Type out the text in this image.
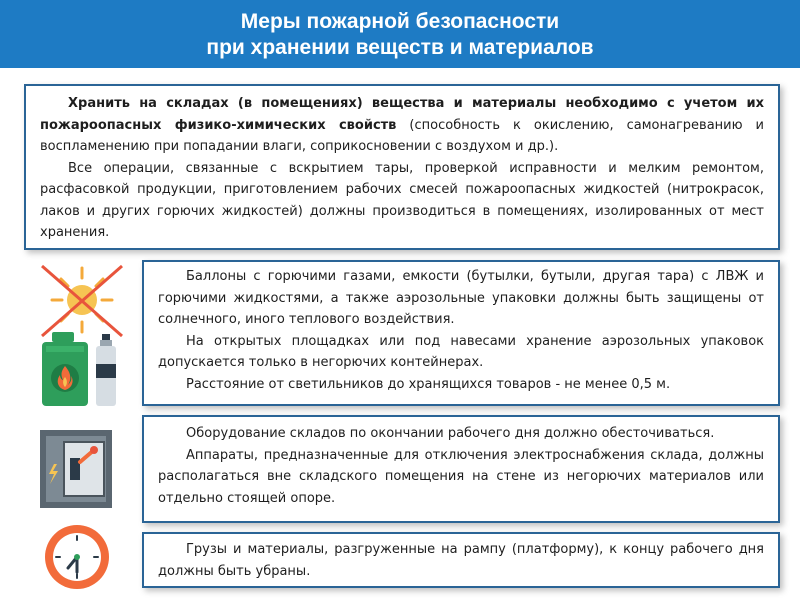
Меры пожарной безопасности
при хранении веществ и материалов

Хранить на складах (в помещениях) вещества и материалы необходимо с учетом их пожароопасных физико-химических свойств (способность к окислению, самонагреванию и воспламенению при попадании влаги, соприкосновении с воздухом и др.).

Все операции, связанные с вскрытием тары, проверкой исправности и мелким ремонтом, расфасовкой продукции, приготовлением рабочих смесей пожароопасных жидкостей (нитрокрасок, лаков и других горючих жидкостей) должны производиться в помещениях, изолированных от мест хранения.

Баллоны с горючими газами, емкости (бутылки, бутыли, другая тара) с ЛВЖ и горючими жидкостями, а также аэрозольные упаковки должны быть защищены от солнечного, иного теплового воздействия.

На открытых площадках или под навесами хранение аэрозольных упаковок допускается только в негорючих контейнерах.

Расстояние от светильников до хранящихся товаров - не менее 0,5 м.

Оборудование складов по окончании рабочего дня должно обесточиваться.

Аппараты, предназначенные для отключения электроснабжения склада, должны располагаться вне складского помещения на стене из негорючих материалов или отдельно стоящей опоре.

Грузы и материалы, разгруженные на рампу (платформу), к концу рабочего дня должны быть убраны.
